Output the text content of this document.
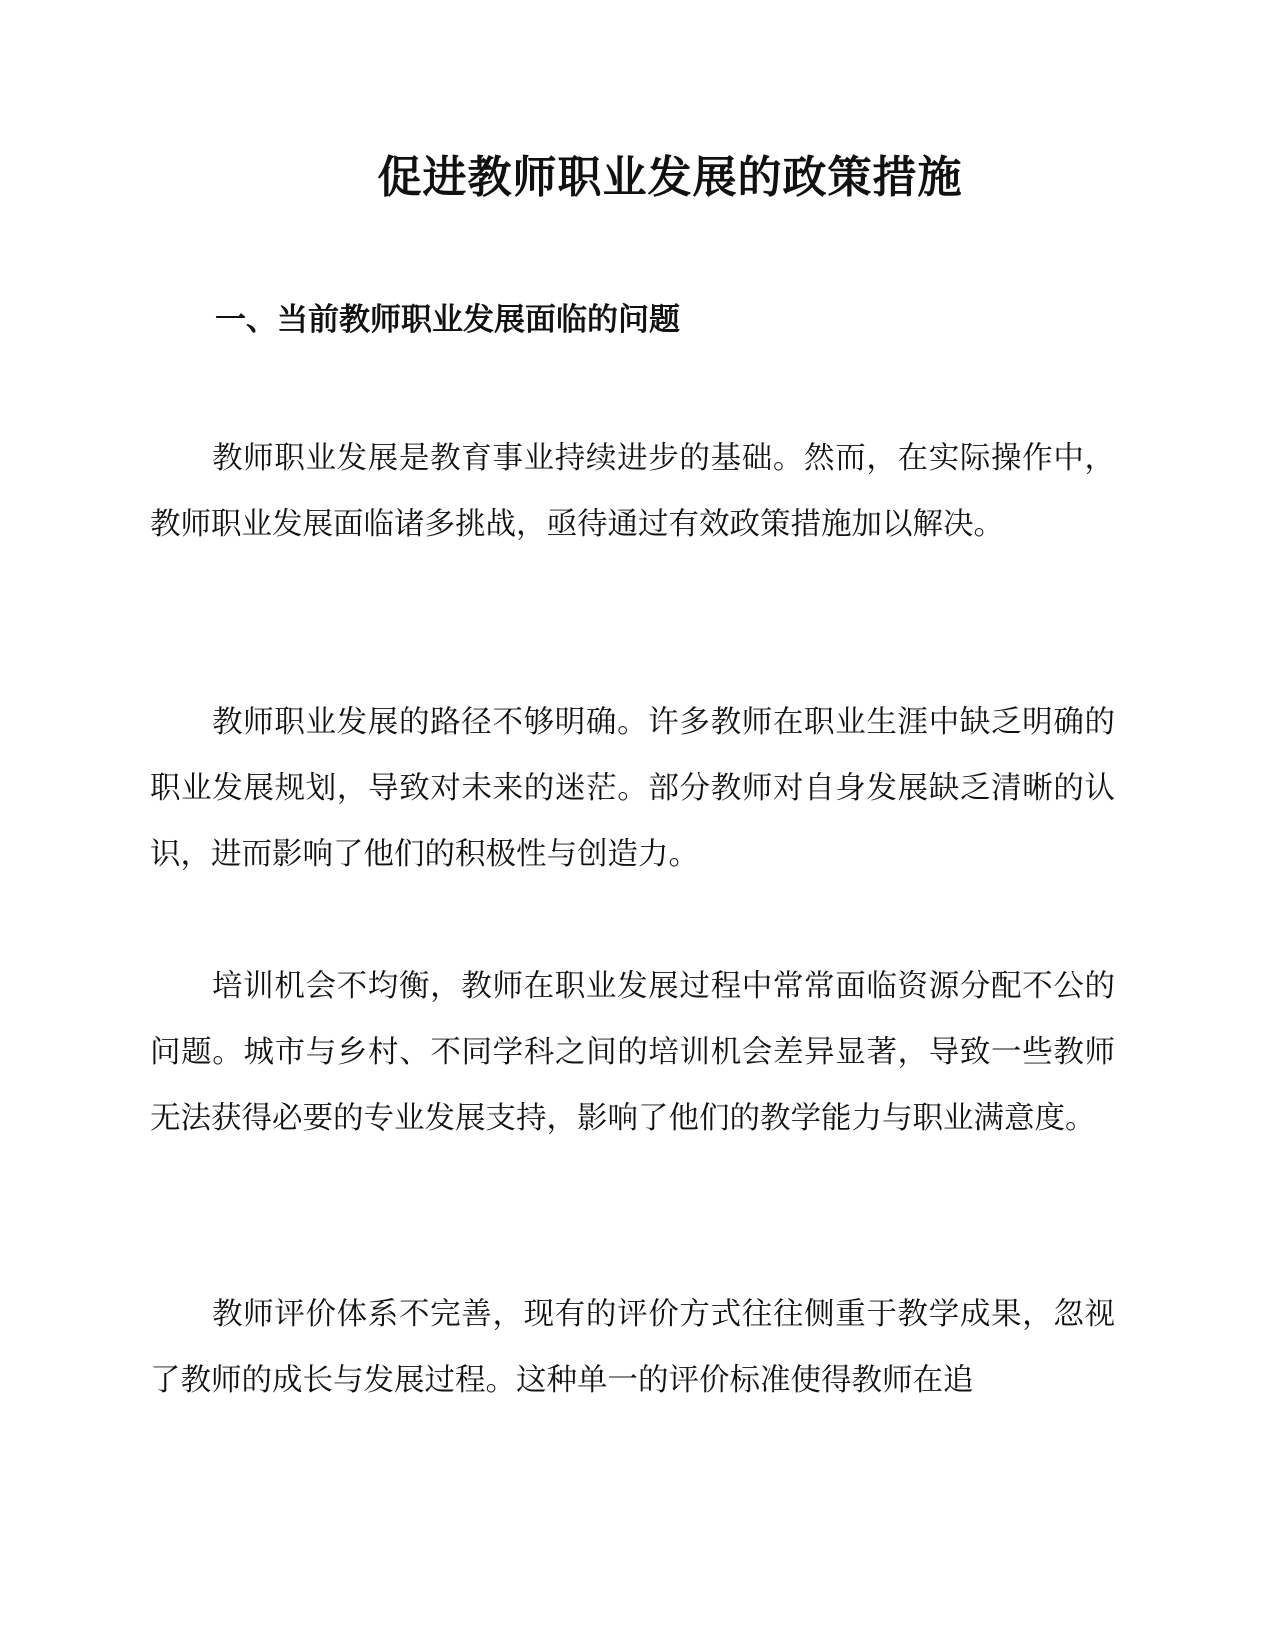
促进教师职业发展的政策措施
一、当前教师职业发展面临的问题

教师职业发展是教育事业持续进步的基础。然而，在实际操作中，教师职业发展面临诸多挑战，亟待通过有效政策措施加以解决。

教师职业发展的路径不够明确。许多教师在职业生涯中缺乏明确的职业发展规划，导致对未来的迷茫。部分教师对自身发展缺乏清晰的认识，进而影响了他们的积极性与创造力。

培训机会不均衡，教师在职业发展过程中常常面临资源分配不公的问题。城市与乡村、不同学科之间的培训机会差异显著，导致一些教师无法获得必要的专业发展支持，影响了他们的教学能力与职业满意度。

教师评价体系不完善，现有的评价方式往往侧重于教学成果，忽视了教师的成长与发展过程。这种单一的评价标准使得教师在追
